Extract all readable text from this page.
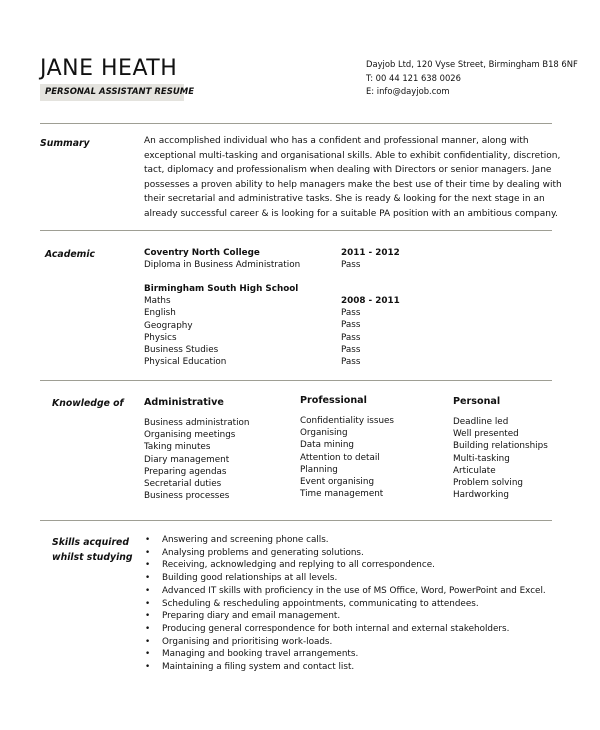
JANE HEATH
PERSONAL ASSISTANT RESUME
Dayjob Ltd, 120 Vyse Street, Birmingham B18 6NF
T: 00 44 121 638 0026
E: info@dayjob.com
Summary	An accomplished individual who has a confident and professional manner, along with
exceptional multi-tasking and organisational skills. Able to exhibit confidentiality, discretion,
tact, diplomacy and professionalism when dealing with Directors or senior managers. Jane
possesses a proven ability to help managers make the best use of their time by dealing with
their secretarial and administrative tasks. She is ready & looking for the next stage in an
already successful career & is looking for a suitable PA position with an ambitious company.
Academic	Coventry North College
Diploma in Business Administration
2011 - 2012
Pass
Birmingham South High School
Maths
English
Geography
Physics
Business Studies
Physical Education
2008 - 2011
Pass
Pass
Pass
Pass
Pass
Knowledge of Administrative
Business administration
Organising meetings
Taking minutes
Diary management
Preparing agendas
Secretarial duties
Business processes
Professional
Confidentiality issues
Organising
Data mining
Attention to detail
Planning
Event organising
Time management
Personal
Deadline led
Well presented
Building relationships
Multi-tasking
Articulate
Problem solving
Hardworking
Skills acquired
whilst studying
• Answering and screening phone calls.
• Analysing problems and generating solutions.
• Receiving, acknowledging and replying to all correspondence.
• Building good relationships at all levels.
• Advanced IT skills with proficiency in the use of MS Office, Word, PowerPoint and Excel.
• Scheduling & rescheduling appointments, communicating to attendees.
• Preparing diary and email management.
• Producing general correspondence for both internal and external stakeholders.
• Organising and prioritising work-loads.
• Managing and booking travel arrangements.
• Maintaining a filing system and contact list.
